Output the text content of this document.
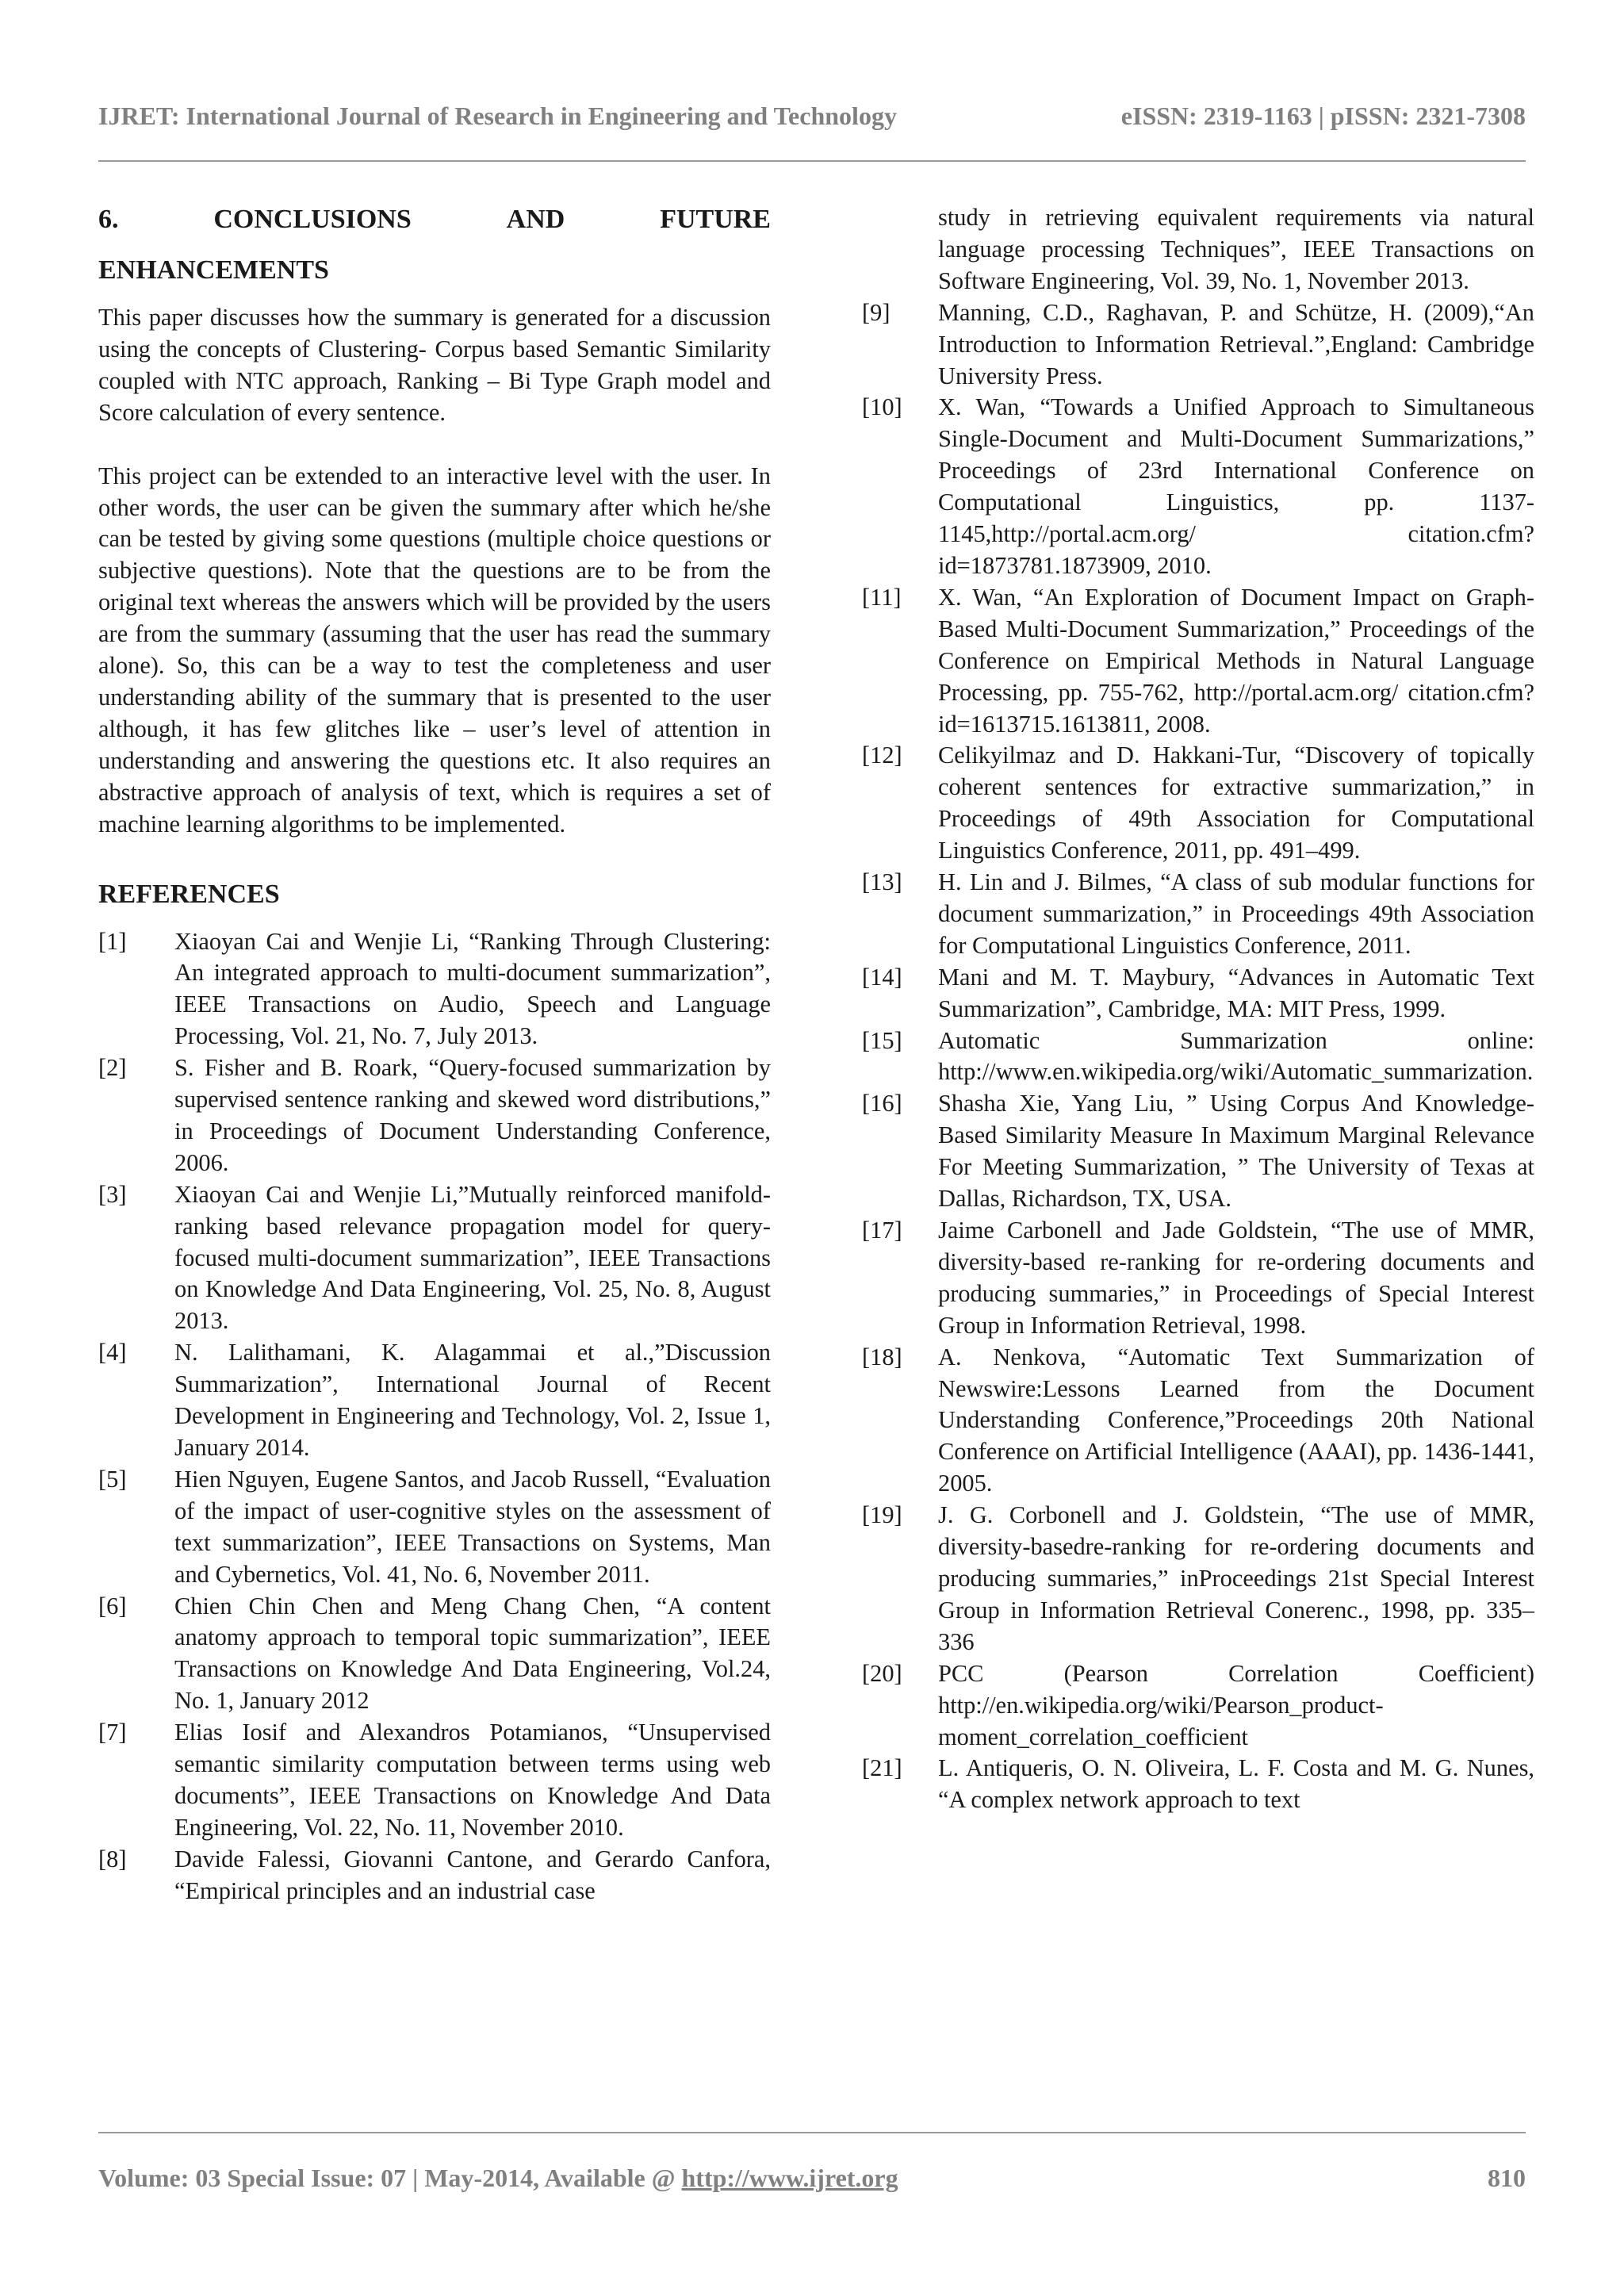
IJRET: International Journal of Research in Engineering and Technology	eISSN: 2319-1163 | pISSN: 2321-7308
6.	CONCLUSIONS	AND	FUTURE
ENHANCEMENTS

This paper discusses how the summary is generated for a discussion using the concepts of Clustering- Corpus based Semantic Similarity coupled with NTC approach, Ranking – Bi Type Graph model and Score calculation of every sentence.

This project can be extended to an interactive level with the user. In other words, the user can be given the summary after which he/she can be tested by giving some questions (multiple choice questions or subjective questions). Note that the questions are to be from the original text whereas the answers which will be provided by the users are from the summary (assuming that the user has read the summary alone). So, this can be a way to test the completeness and user understanding ability of the summary that is presented to the user although, it has few glitches like – user’s level of attention in understanding and answering the questions etc. It also requires an abstractive approach of analysis of text, which is requires a set of machine learning algorithms to be implemented.

REFERENCES
[1]	Xiaoyan Cai and Wenjie Li, “Ranking Through Clustering: An integrated approach to multi-document summarization”, IEEE Transactions on Audio, Speech and Language Processing, Vol. 21, No. 7, July 2013.
[2]	S. Fisher and B. Roark, “Query-focused summarization by supervised sentence ranking and skewed word distributions,” in Proceedings of Document Understanding Conference, 2006.
[3]	Xiaoyan Cai and Wenjie Li,”Mutually reinforced manifold-ranking based relevance propagation model for query-focused multi-document summarization”, IEEE Transactions on Knowledge And Data Engineering, Vol. 25, No. 8, August 2013.
[4]	N. Lalithamani, K. Alagammai et al.,”Discussion Summarization”, International Journal of Recent Development in Engineering and Technology, Vol. 2, Issue 1, January 2014.
[5]	Hien Nguyen, Eugene Santos, and Jacob Russell, “Evaluation of the impact of user-cognitive styles on the assessment of text summarization”, IEEE Transactions on Systems, Man and Cybernetics, Vol. 41, No. 6, November 2011.
[6]	Chien Chin Chen and Meng Chang Chen, “A content anatomy approach to temporal topic summarization”, IEEE Transactions on Knowledge And Data Engineering, Vol.24, No. 1, January 2012
[7]	Elias Iosif and Alexandros Potamianos, “Unsupervised semantic similarity computation between terms using web documents”, IEEE Transactions on Knowledge And Data Engineering, Vol. 22, No. 11, November 2010.
[8]	Davide Falessi, Giovanni Cantone, and Gerardo Canfora, “Empirical principles and an industrial case
study in retrieving equivalent requirements via natural language processing Techniques”, IEEE Transactions on Software Engineering, Vol. 39, No. 1, November 2013.
[9]	Manning, C.D., Raghavan, P. and Schütze, H. (2009),“An Introduction to Information Retrieval.”,England: Cambridge University Press.
[10]	X. Wan, “Towards a Unified Approach to Simultaneous Single-Document and Multi-Document Summarizations,” Proceedings of 23rd International Conference on Computational Linguistics, pp. 1137-1145,http://portal.acm.org/ citation.cfm?id=1873781.1873909, 2010.
[11]	X. Wan, “An Exploration of Document Impact on Graph-Based Multi-Document Summarization,” Proceedings of the Conference on Empirical Methods in Natural Language Processing, pp. 755-762, http://portal.acm.org/ citation.cfm?id=1613715.1613811, 2008.
[12]	Celikyilmaz and D. Hakkani-Tur, “Discovery of topically coherent sentences for extractive summarization,” in Proceedings of 49th Association for Computational Linguistics Conference, 2011, pp. 491–499.
[13]	H. Lin and J. Bilmes, “A class of sub modular functions for document summarization,” in Proceedings 49th Association for Computational Linguistics Conference, 2011.
[14]	Mani and M. T. Maybury, “Advances in Automatic Text Summarization”, Cambridge, MA: MIT Press, 1999.
[15]	Automatic Summarization online: http://www.en.wikipedia.org/wiki/Automatic_summarization.
[16]	Shasha Xie, Yang Liu, ” Using Corpus And Knowledge-Based Similarity Measure In Maximum Marginal Relevance For Meeting Summarization, ” The University of Texas at Dallas, Richardson, TX, USA.
[17]	Jaime Carbonell and Jade Goldstein, “The use of MMR, diversity-based re-ranking for re-ordering documents and producing summaries,” in Proceedings of Special Interest Group in Information Retrieval, 1998.
[18]	A. Nenkova, “Automatic Text Summarization of Newswire:Lessons Learned from the Document Understanding Conference,”Proceedings 20th National Conference on Artificial Intelligence (AAAI), pp. 1436-1441, 2005.
[19]	J. G. Corbonell and J. Goldstein, “The use of MMR, diversity-basedre-ranking for re-ordering documents and producing summaries,” inProceedings 21st Special Interest Group in Information Retrieval Conerenc., 1998, pp. 335–336
[20]	PCC (Pearson Correlation Coefficient) http://en.wikipedia.org/wiki/Pearson_product-moment_correlation_coefficient
[21]	L. Antiqueris, O. N. Oliveira, L. F. Costa and M. G. Nunes, “A complex network approach to text
Volume: 03 Special Issue: 07 | May-2014, Available @ http://www.ijret.org	810
